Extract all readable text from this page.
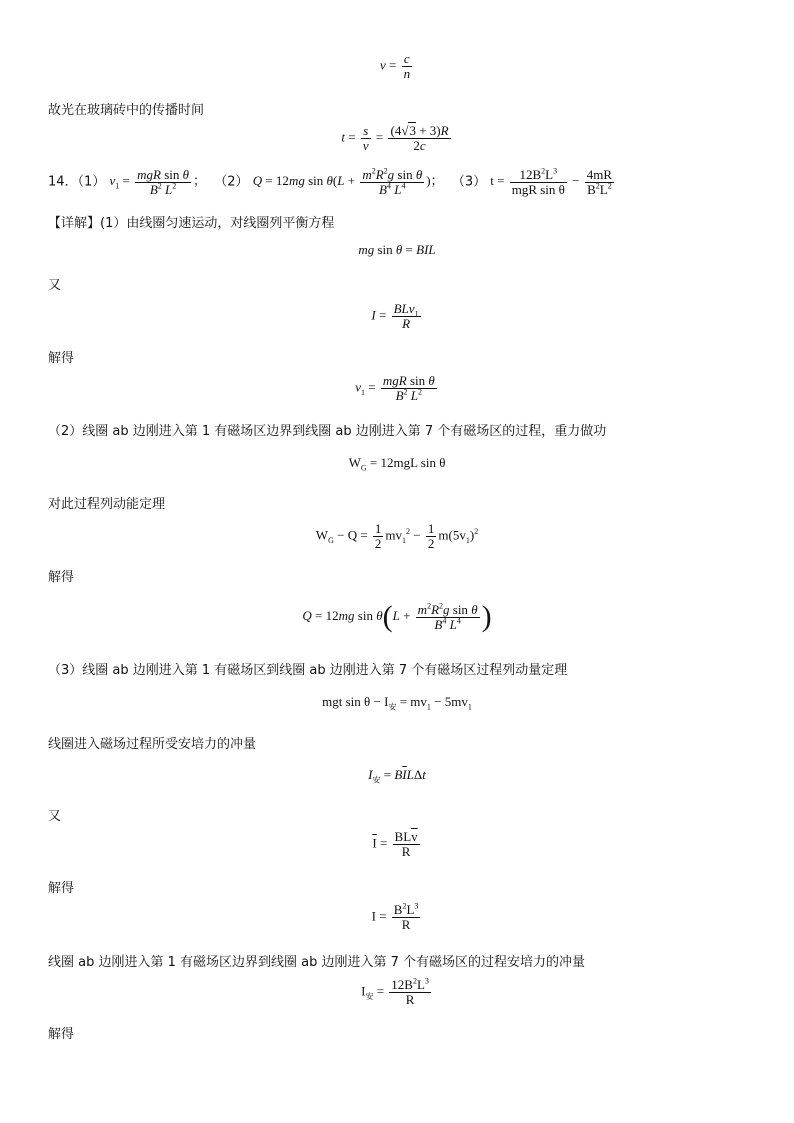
$v = \frac{c}{n}$
故光在玻璃砖中的传播时间
$t = \frac{s}{v} = \frac{(4√3 + 3)R}{2c}$
14．（1） $v_1 = \frac{\text{mgR sin θ}}{B^2 L^2}$ ； （2） Q = 12mg $\sin \theta(L + \frac{m^2R^2g \sin \theta}{B^4 L^4}$ )； （3） $t = \frac{12B^2L^3}{\text{mgR sin θ}} - \frac{4mR}{B^2L^2}$
【详解】(1）由线圈匀速运动，对线圈列平衡方程
mg sin θ = BIL
又
$I = \frac{BLv_1}{R}$
解得
$v_1 = \frac{\text{mgR sin θ}}{B^2 L^2}$
（2）线圈 ab 边刚进入第 1 有磁场区边界到线圈 ab 边刚进入第 7 个有磁场区的过程，重力做功
$W_G = 12mgL$ sin θ
对此过程列动能定理
$W_G - Q = \frac{1}{2} mv_1^2 - \frac{1}{2} m(5v_1)^2$
解得
Q = 12mg $\sin \theta(L + \frac{m^2R^2g \sin \theta}{B^4 L^4}$ )
（3）线圈 ab 边刚进入第 1 有磁场区到线圈 ab 边刚进入第 7 个有磁场区过程列动量定理
mgt $\sin \theta - I_安 = mv_1 - 5mv_1$
线圈进入磁场过程所受安培力的冲量
$I_安 = B\overline{I}L\Delta t$
又
$\overline{I} = \frac{BL\overline{v}}{R}$
解得
$I = \frac{B^2L^3}{R}$
线圈 ab 边刚进入第 1 有磁场区边界到线圈 ab 边刚进入第 7 个有磁场区的过程安培力的冲量
$I_安 = \frac{12B^2L^3}{R}$
解得
